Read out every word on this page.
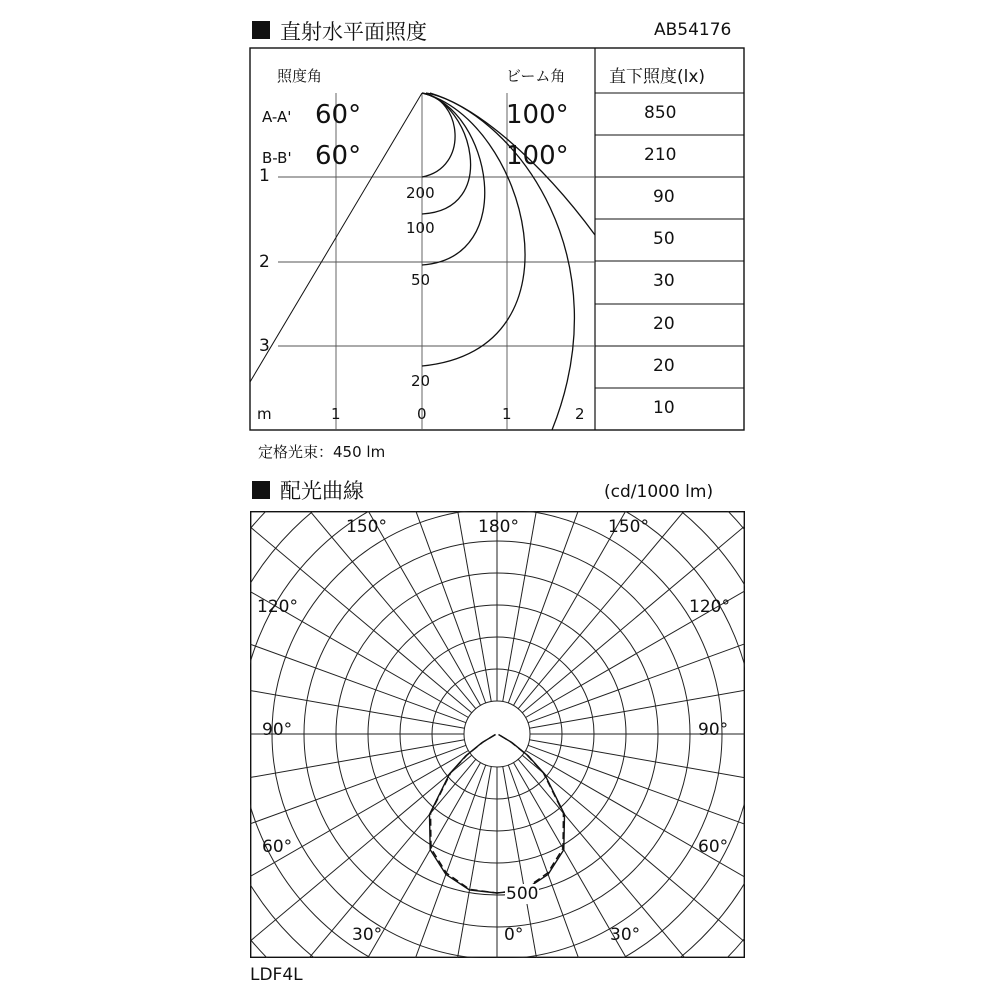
直射水平面照度	AB54176
照度角	ビーム角	直下照度(lx)
A-A' 60°	100°
B-B' 60°	100°
850
210
90
50
30
20
20
10
1
2
3
200
100
50
20
m	1	0	1	2
定格光束：450 lm
配光曲線	(cd/1000 lm)
150°	180°	150°
120°	120°
90°	90°
60°	60°
30°	0°	30°
500
LDF4L
